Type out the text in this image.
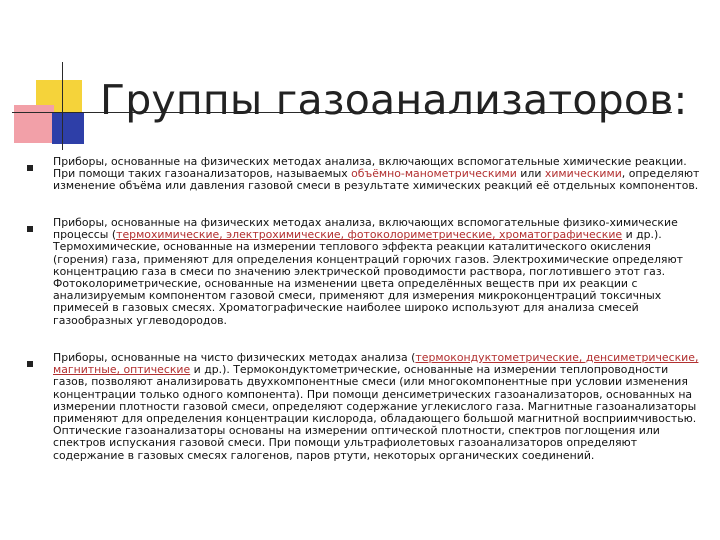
Группы газоанализаторов:
Приборы, основанные на физических методах анализа, включающих вспомогательные химические реакции. При помощи таких газоанализаторов, называемых объёмно-манометрическими или химическими, определяют изменение объёма или давления газовой смеси в результате химических реакций её отдельных компонентов.
Приборы, основанные на физических методах анализа, включающих вспомогательные физико-химические процессы (термохимические, электрохимические, фотоколориметрические, хроматографические и др.). Термохимические, основанные на измерении теплового эффекта реакции каталитического окисления (горения) газа, применяют для определения концентраций горючих газов. Электрохимические определяют концентрацию газа в смеси по значению электрической проводимости раствора, поглотившего этот газ. Фотоколориметрические, основанные на изменении цвета определённых веществ при их реакции с анализируемым компонентом газовой смеси, применяют для измерения микроконцентраций токсичных примесей в газовых смесях. Хроматографические наиболее широко используют для анализа смесей газообразных углеводородов.
Приборы, основанные на чисто физических методах анализа (термокондуктометрические, денсиметрические, магнитные, оптические и др.). Термокондуктометрические, основанные на измерении теплопроводности газов, позволяют анализировать двухкомпонентные смеси (или многокомпонентные при условии изменения концентрации только одного компонента). При помощи денсиметрических газоанализаторов, основанных на измерении плотности газовой смеси, определяют содержание углекислого газа. Магнитные газоанализаторы применяют для определения концентрации кислорода, обладающего большой магнитной восприимчивостью. Оптические газоанализаторы основаны на измерении оптической плотности, спектров поглощения или спектров испускания газовой смеси. При помощи ультрафиолетовых газоанализаторов определяют содержание в газовых смесях галогенов, паров ртути, некоторых органических соединений.
